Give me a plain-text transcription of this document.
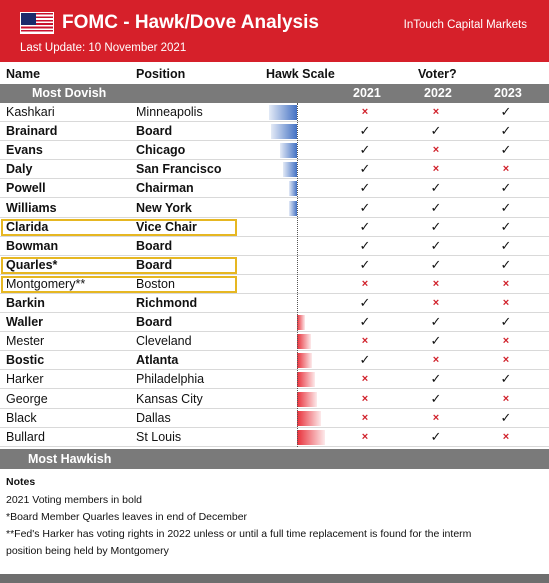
FOMC - Hawk/Dove Analysis	InTouch Capital Markets
Last Update: 10 November 2021
Name	Position	Hawk Scale	Voter?
Most Dovish	2021	2022	2023
Kashkari	Minneapolis	×	×	✓
Brainard	Board	✓	✓	✓
Evans	Chicago	✓	×	✓
Daly	San Francisco	✓	×	×
Powell	Chairman	✓	✓	✓
Williams	New York	✓	✓	✓
Clarida	Vice Chair	✓	✓	✓
Bowman	Board	✓	✓	✓
Quarles*	Board	✓	✓	✓
Montgomery**	Boston	×	×	×
Barkin	Richmond	✓	×	×
Waller	Board	✓	✓	✓
Mester	Cleveland	×	✓	×
Bostic	Atlanta	✓	×	×
Harker	Philadelphia	×	✓	✓
George	Kansas City	×	✓	×
Black	Dallas	×	×	✓
Bullard	St Louis	×	✓	×
Most Hawkish
Notes
2021 Voting members in bold
*Board Member Quarles leaves in end of December
**Fed's Harker has voting rights in 2022 unless or until a full time replacement is found for the interm
position being held by Montgomery
